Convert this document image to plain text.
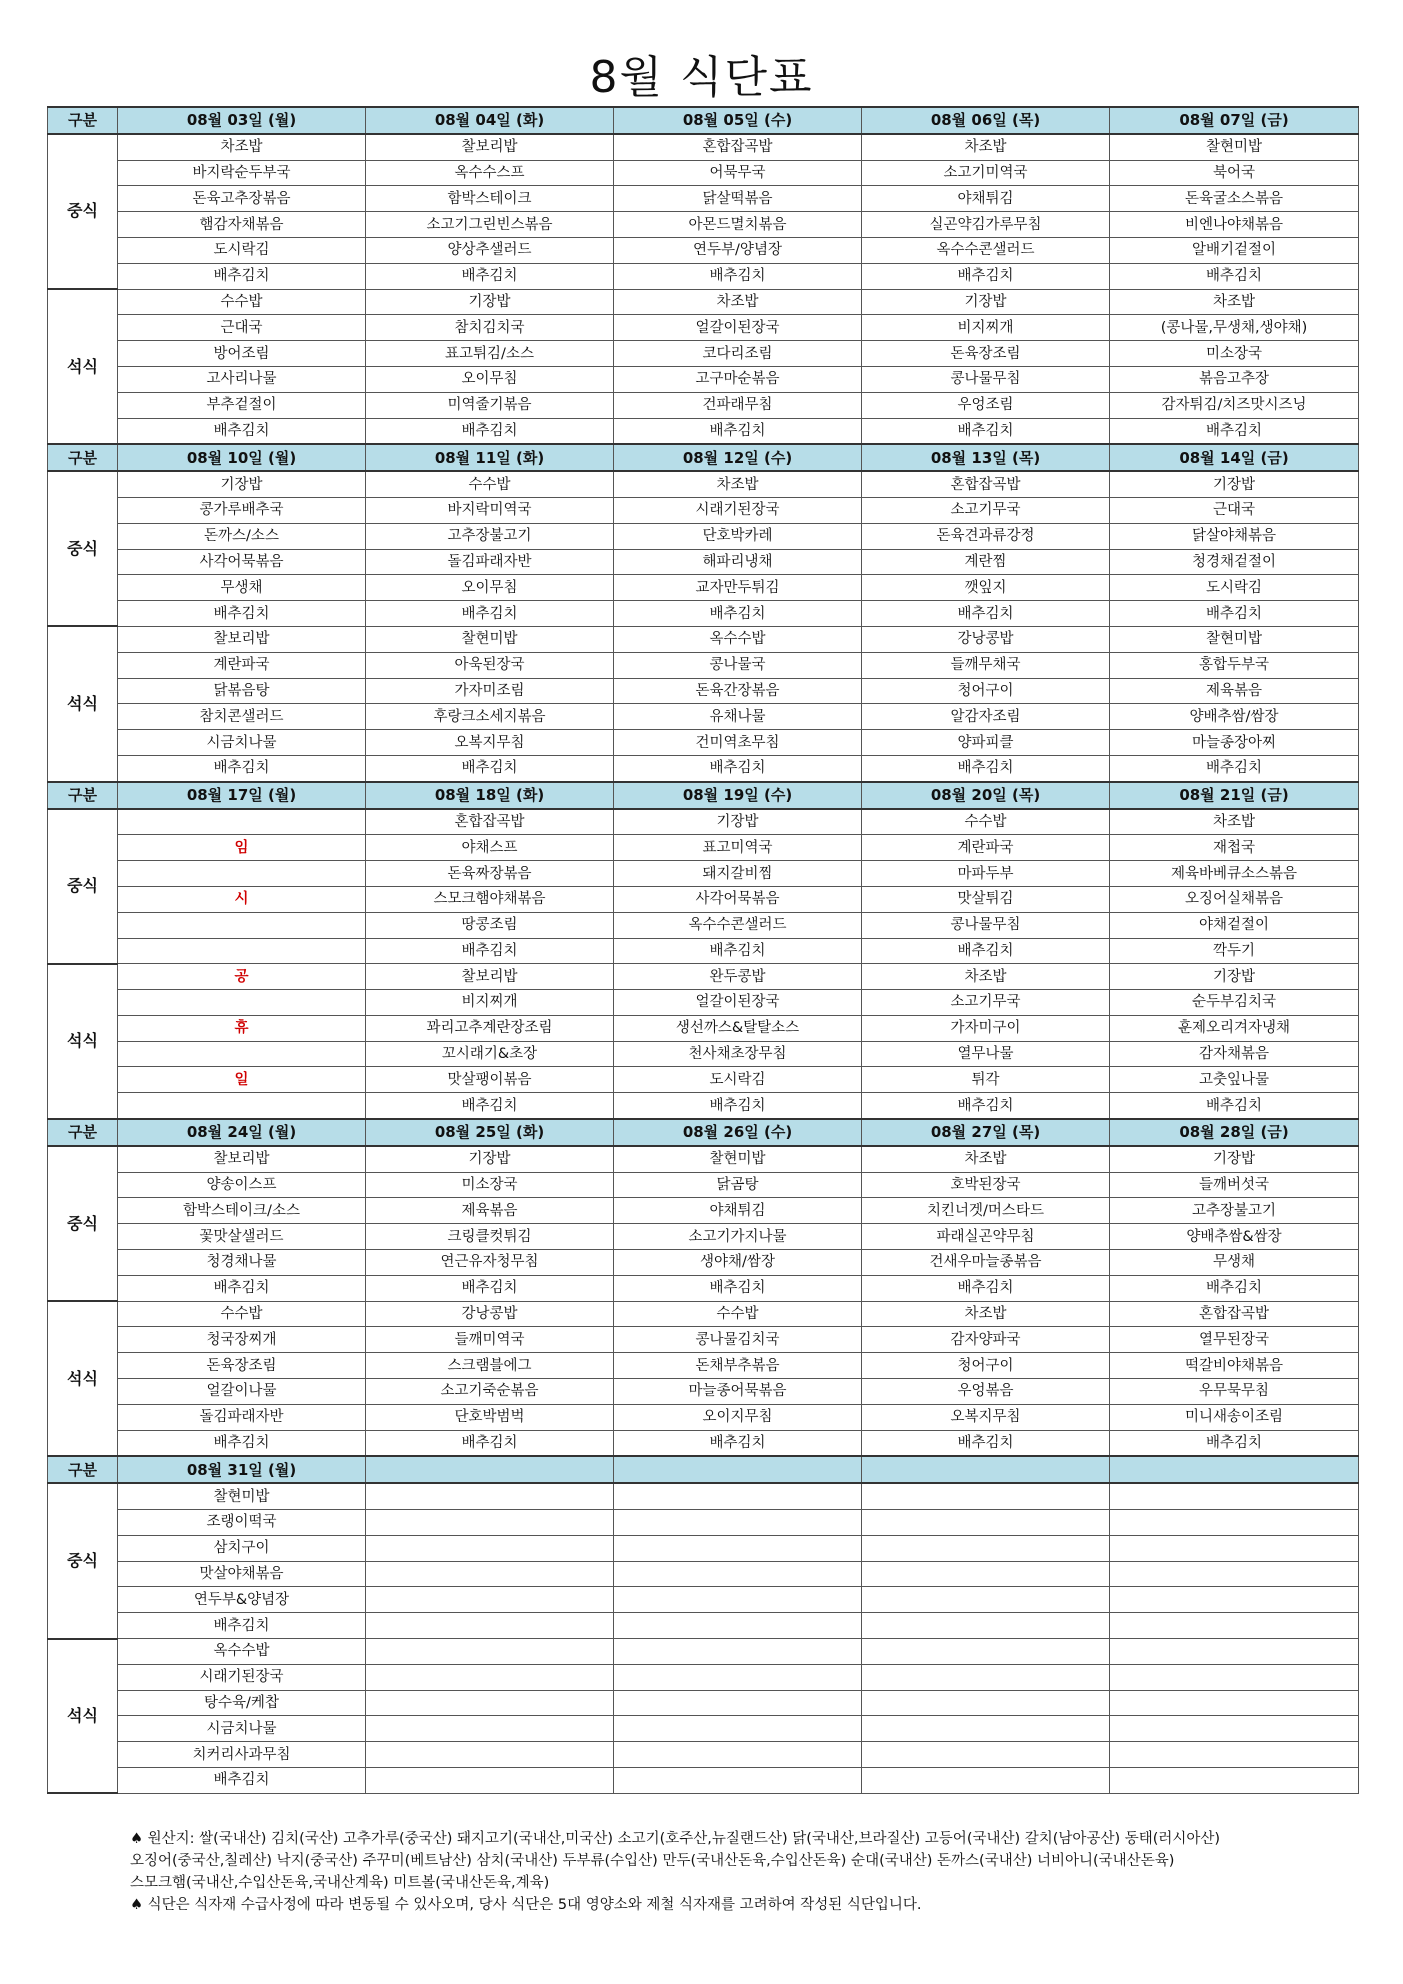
8월 식단표
구분	08월 03일 (월)	08월 04일 (화)	08월 05일 (수)	08월 06일 (목)	08월 07일 (금)
중식	차조밥	찰보리밥	혼합잡곡밥	차조밥	찰현미밥
	바지락순두부국	옥수수스프	어묵무국	소고기미역국	북어국
	돈육고추장볶음	함박스테이크	닭살떡볶음	야채튀김	돈육굴소스볶음
	햄감자채볶음	소고기그린빈스볶음	아몬드멸치볶음	실곤약김가루무침	비엔나야채볶음
	도시락김	양상추샐러드	연두부/양념장	옥수수콘샐러드	알배기겉절이
	배추김치	배추김치	배추김치	배추김치	배추김치
석식	수수밥	기장밥	차조밥	기장밥	차조밥
	근대국	참치김치국	얼갈이된장국	비지찌개	(콩나물,무생채,생야채)
	방어조림	표고튀김/소스	코다리조림	돈육장조림	미소장국
	고사리나물	오이무침	고구마순볶음	콩나물무침	볶음고추장
	부추겉절이	미역줄기볶음	건파래무침	우엉조림	감자튀김/치즈맛시즈닝
	배추김치	배추김치	배추김치	배추김치	배추김치
구분	08월 10일 (월)	08월 11일 (화)	08월 12일 (수)	08월 13일 (목)	08월 14일 (금)
중식	기장밥	수수밥	차조밥	혼합잡곡밥	기장밥
	콩가루배추국	바지락미역국	시래기된장국	소고기무국	근대국
	돈까스/소스	고추장불고기	단호박카레	돈육견과류강정	닭살야채볶음
	사각어묵볶음	돌김파래자반	해파리냉채	계란찜	청경채겉절이
	무생채	오이무침	교자만두튀김	깻잎지	도시락김
	배추김치	배추김치	배추김치	배추김치	배추김치
석식	찰보리밥	찰현미밥	옥수수밥	강낭콩밥	찰현미밥
	계란파국	아욱된장국	콩나물국	들깨무채국	홍합두부국
	닭볶음탕	가자미조림	돈육간장볶음	청어구이	제육볶음
	참치콘샐러드	후랑크소세지볶음	유채나물	알감자조림	양배추쌈/쌈장
	시금치나물	오복지무침	건미역초무침	양파피클	마늘종장아찌
	배추김치	배추김치	배추김치	배추김치	배추김치
구분	08월 17일 (월)	08월 18일 (화)	08월 19일 (수)	08월 20일 (목)	08월 21일 (금)
중식		혼합잡곡밥	기장밥	수수밥	차조밥
	임	야채스프	표고미역국	계란파국	재첩국
		돈육짜장볶음	돼지갈비찜	마파두부	제육바베큐소스볶음
	시	스모크햄야채볶음	사각어묵볶음	맛살튀김	오징어실채볶음
		땅콩조림	옥수수콘샐러드	콩나물무침	야채겉절이
		배추김치	배추김치	배추김치	깍두기
석식	공	찰보리밥	완두콩밥	차조밥	기장밥
		비지찌개	얼갈이된장국	소고기무국	순두부김치국
	휴	꽈리고추계란장조림	생선까스&탈탈소스	가자미구이	훈제오리겨자냉채
		꼬시래기&초장	천사채초장무침	열무나물	감자채볶음
	일	맛살팽이볶음	도시락김	튀각	고춧잎나물
		배추김치	배추김치	배추김치	배추김치
구분	08월 24일 (월)	08월 25일 (화)	08월 26일 (수)	08월 27일 (목)	08월 28일 (금)
중식	찰보리밥	기장밥	찰현미밥	차조밥	기장밥
	양송이스프	미소장국	닭곰탕	호박된장국	들깨버섯국
	함박스테이크/소스	제육볶음	야채튀김	치킨너겟/머스타드	고추장불고기
	꽃맛살샐러드	크링클컷튀김	소고기가지나물	파래실곤약무침	양배추쌈&쌈장
	청경채나물	연근유자청무침	생야채/쌈장	건새우마늘종볶음	무생채
	배추김치	배추김치	배추김치	배추김치	배추김치
석식	수수밥	강낭콩밥	수수밥	차조밥	혼합잡곡밥
	청국장찌개	들깨미역국	콩나물김치국	감자양파국	열무된장국
	돈육장조림	스크램블에그	돈채부추볶음	청어구이	떡갈비야채볶음
	얼갈이나물	소고기죽순볶음	마늘종어묵볶음	우엉볶음	우무묵무침
	돌김파래자반	단호박범벅	오이지무침	오복지무침	미니새송이조림
	배추김치	배추김치	배추김치	배추김치	배추김치
구분	08월 31일 (월)				
중식	찰현미밥				
	조랭이떡국				
	삼치구이				
	맛살야채볶음				
	연두부&양념장				
	배추김치				
석식	옥수수밥				
	시래기된장국				
	탕수육/케찹				
	시금치나물				
	치커리사과무침				
	배추김치				

♠ 원산지: 쌀(국내산) 김치(국산) 고추가루(중국산) 돼지고기(국내산,미국산) 소고기(호주산,뉴질랜드산) 닭(국내산,브라질산) 고등어(국내산) 갈치(남아공산) 동태(러시아산)

오징어(중국산,칠레산) 낙지(중국산) 주꾸미(베트남산) 삼치(국내산) 두부류(수입산) 만두(국내산돈육,수입산돈육) 순대(국내산) 돈까스(국내산) 너비아니(국내산돈육)

스모크햄(국내산,수입산돈육,국내산계육) 미트볼(국내산돈육,계육)

♠ 식단은 식자재 수급사정에 따라 변동될 수 있사오며, 당사 식단은 5대 영양소와 제철 식자재를 고려하여 작성된 식단입니다.
